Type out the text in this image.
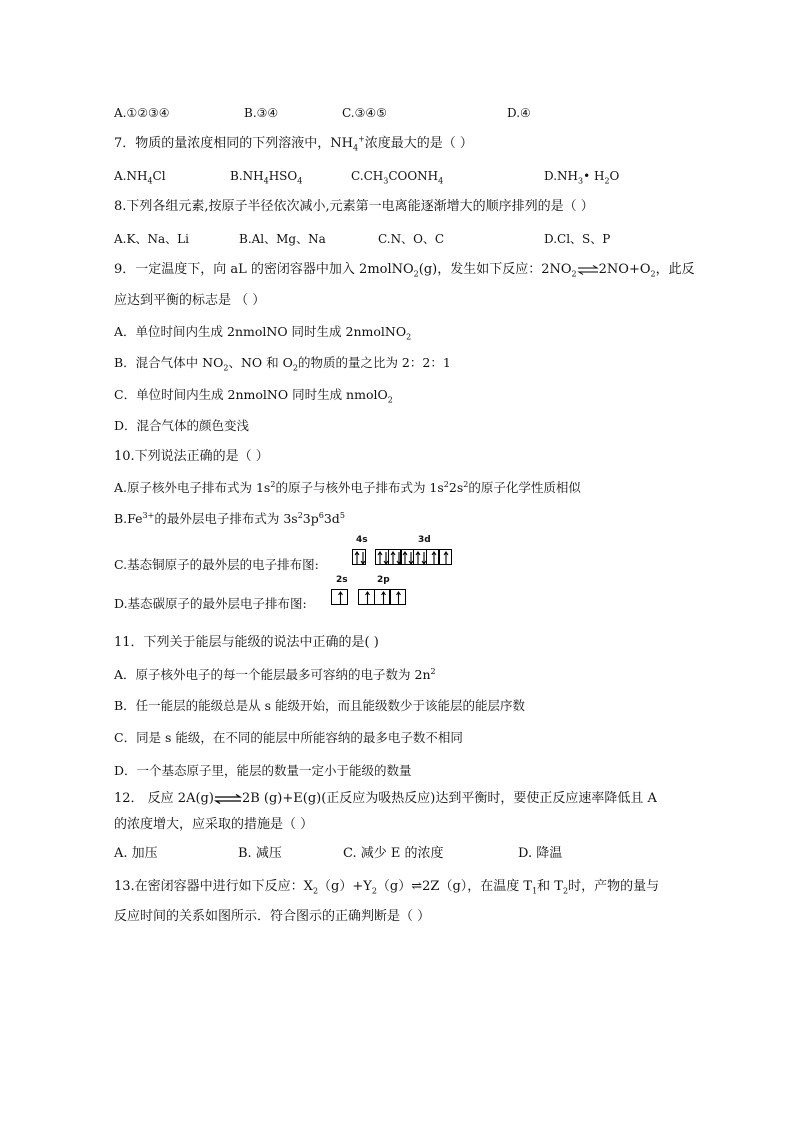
A.①②③④	B.③④	C.③④⑤	D.④
7．物质的量浓度相同的下列溶液中，$NH_4^+$浓度最大的是（ ）
$A.NH_4Cl$	$B.NH_4HSO_4$	$C.CH_3COONH_4$	$D.NH_3•$ $H_2O$
8.下列各组元素,按原子半径依次减小,元素第一电离能逐渐增大的顺序排列的是（ ）
A.K、Na、Li	B.Al、Mg、Na	C.N、O、C	D.Cl、S、P
9．一定温度下，向 aL 的密闭容器中加入 2molNO$_2$(g)，发生如下反应：$2NO_2\rightleftharpoons 2NO+O_2$，此反
应达到平衡的标志是 （ ）
A．单位时间内生成 2nmolNO 同时生成 2nmolNO$_2$
B．混合气体中 $NO_2$、NO 和 $O_2$的物质的量之比为 2：2：1
C．单位时间内生成 2nmolNO 同时生成 nmolO$_2$
D．混合气体的颜色变浅
10.下列说法正确的是（ ）
A.原子核外电子排布式为 $1s^2$的原子与核外电子排布式为 $1s^22s^2$的原子化学性质相似
$B.Fe^{3+}$的最外层电子排布式为 $3s^23p^63d^5$
C.基态铜原子的最外层的电子排布图:
4s	3d

D.基态碳原子的最外层电子排布图:
2s	2p

11．下列关于能层与能级的说法中正确的是( )
A．原子核外电子的每一个能层最多可容纳的电子数为 $2n^2$
B．任一能层的能级总是从 s 能级开始，而且能级数少于该能层的能层序数
C．同是 s 能级，在不同的能层中所能容纳的最多电子数不相同
D．一个基态原子里，能层的数量一定小于能级的数量
12． 反应 2A(g)⇌2B (g)+E(g)(正反应为吸热反应)达到平衡时，要使正反应速率降低且 A
的浓度增大，应采取的措施是（ ）
A. 加压	B. 减压	C. 减少 E 的浓度	D. 降温
13.在密闭容器中进行如下反应：$X_2(g)+Y_2(g)\rightleftharpoons 2Z(g)$，在温度 $T_1$和 $T_2$时，产物的量与
反应时间的关系如图所示．符合图示的正确判断是（ ）
